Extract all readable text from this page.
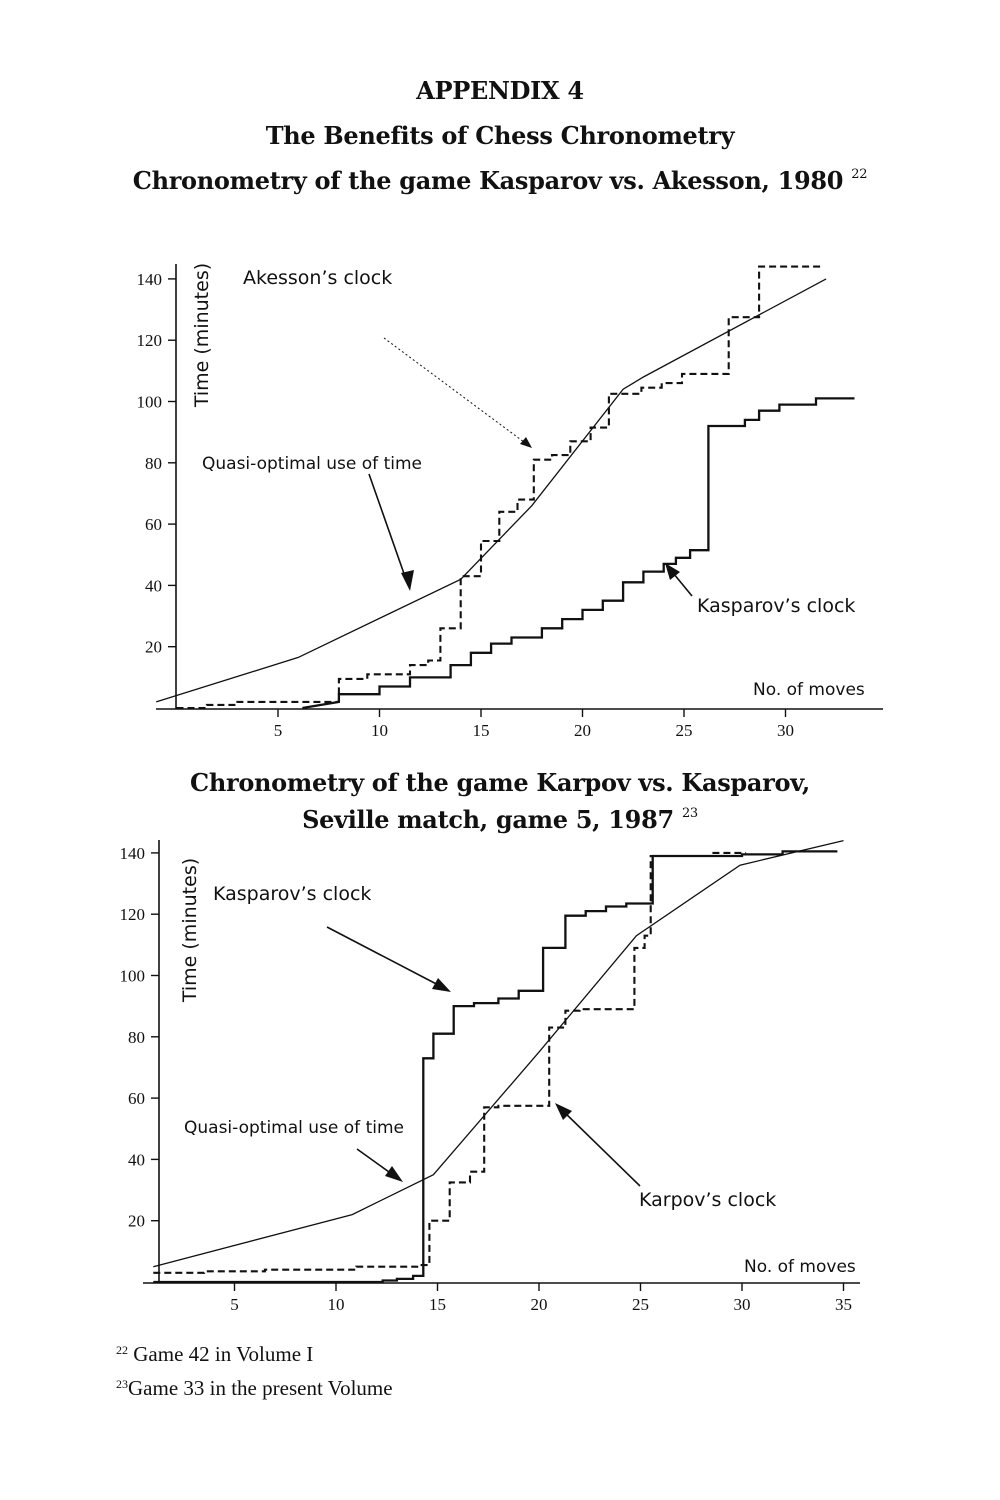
APPENDIX 4
The Benefits of Chess Chronometry
Chronometry of the game Kasparov vs. Akesson, 1980 $^{22}$
20
40
60
80
100
120
140
5	10	15	20	25	30
No. of moves
Time (minutes) Akesson’s clock
Quasi-optimal use of time
Kasparov’s clock
Chronometry of the game Karpov vs. Kasparov,
Seville match, game 5, 1987 $^{23}$
20
40
60
80
100
120
140
5	10	15	20	25	30	35
No. of moves
Time (minutes) Kasparov’s clock
Quasi-optimal use of time
Karpov’s clock
$^{22}$ Game 42 in Volume I
$^{23}$Game 33 in the present Volume
